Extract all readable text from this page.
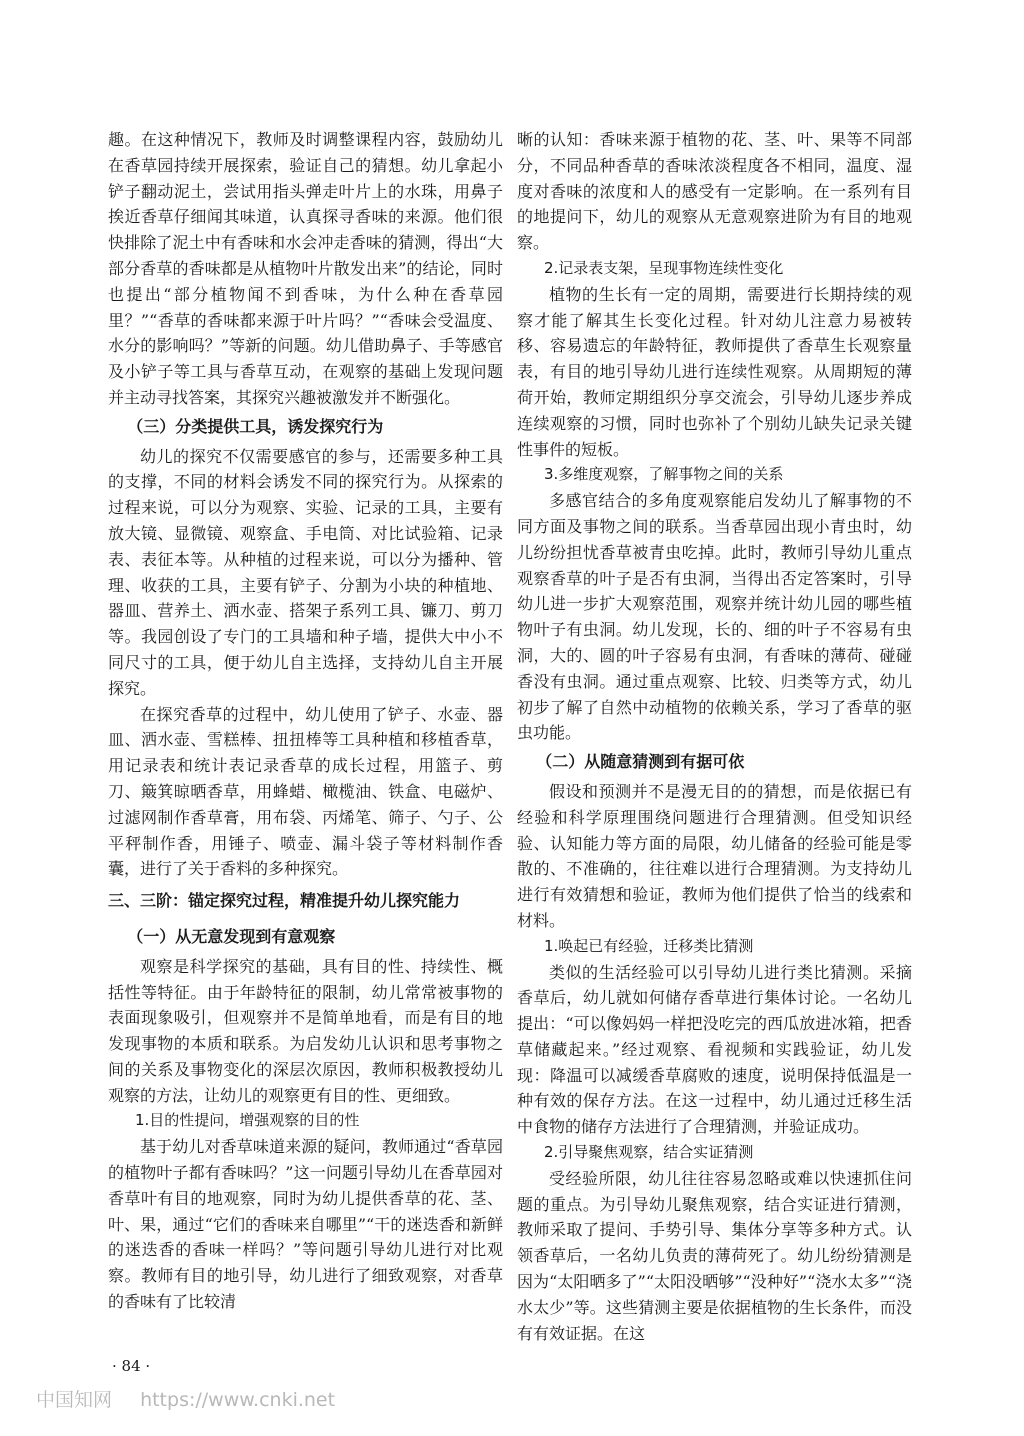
趣。在这种情况下，教师及时调整课程内容，鼓励幼儿在香草园持续开展探索，验证自己的猜想。幼儿拿起小铲子翻动泥土，尝试用指头弹走叶片上的水珠，用鼻子挨近香草仔细闻其味道，认真探寻香味的来源。他们很快排除了泥土中有香味和水会冲走香味的猜测，得出“大部分香草的香味都是从植物叶片散发出来”的结论，同时也提出“部分植物闻不到香味，为什么种在香草园里？”“香草的香味都来源于叶片吗？”“香味会受温度、水分的影响吗？”等新的问题。幼儿借助鼻子、手等感官及小铲子等工具与香草互动，在观察的基础上发现问题并主动寻找答案，其探究兴趣被激发并不断强化。

（三）分类提供工具，诱发探究行为

幼儿的探究不仅需要感官的参与，还需要多种工具的支撑，不同的材料会诱发不同的探究行为。从探索的过程来说，可以分为观察、实验、记录的工具，主要有放大镜、显微镜、观察盒、手电筒、对比试验箱、记录表、表征本等。从种植的过程来说，可以分为播种、管理、收获的工具，主要有铲子、分割为小块的种植地、器皿、营养土、洒水壶、搭架子系列工具、镰刀、剪刀等。我园创设了专门的工具墙和种子墙，提供大中小不同尺寸的工具，便于幼儿自主选择，支持幼儿自主开展探究。

在探究香草的过程中，幼儿使用了铲子、水壶、器皿、洒水壶、雪糕棒、扭扭棒等工具种植和移植香草，用记录表和统计表记录香草的成长过程，用篮子、剪刀、簸箕晾晒香草，用蜂蜡、橄榄油、铁盒、电磁炉、过滤网制作香草膏，用布袋、丙烯笔、筛子、勺子、公平秤制作香，用锤子、喷壶、漏斗袋子等材料制作香囊，进行了关于香料的多种探究。

三、三阶：锚定探究过程，精准提升幼儿探究能力
（一）从无意发现到有意观察

观察是科学探究的基础，具有目的性、持续性、概括性等特征。由于年龄特征的限制，幼儿常常被事物的表面现象吸引，但观察并不是简单地看，而是有目的地发现事物的本质和联系。为启发幼儿认识和思考事物之间的关系及事物变化的深层次原因，教师积极教授幼儿观察的方法，让幼儿的观察更有目的性、更细致。

1.目的性提问，增强观察的目的性

基于幼儿对香草味道来源的疑问，教师通过“香草园的植物叶子都有香味吗？”这一问题引导幼儿在香草园对香草叶有目的地观察，同时为幼儿提供香草的花、茎、叶、果，通过“它们的香味来自哪里”“干的迷迭香和新鲜的迷迭香的香味一样吗？”等问题引导幼儿进行对比观察。教师有目的地引导，幼儿进行了细致观察，对香草的香味有了比较清

晰的认知：香味来源于植物的花、茎、叶、果等不同部分，不同品种香草的香味浓淡程度各不相同，温度、湿度对香味的浓度和人的感受有一定影响。在一系列有目的地提问下，幼儿的观察从无意观察进阶为有目的地观察。

2.记录表支架，呈现事物连续性变化

植物的生长有一定的周期，需要进行长期持续的观察才能了解其生长变化过程。针对幼儿注意力易被转移、容易遗忘的年龄特征，教师提供了香草生长观察量表，有目的地引导幼儿进行连续性观察。从周期短的薄荷开始，教师定期组织分享交流会，引导幼儿逐步养成连续观察的习惯，同时也弥补了个别幼儿缺失记录关键性事件的短板。

3.多维度观察，了解事物之间的关系

多感官结合的多角度观察能启发幼儿了解事物的不同方面及事物之间的联系。当香草园出现小青虫时，幼儿纷纷担忧香草被青虫吃掉。此时，教师引导幼儿重点观察香草的叶子是否有虫洞，当得出否定答案时，引导幼儿进一步扩大观察范围，观察并统计幼儿园的哪些植物叶子有虫洞。幼儿发现，长的、细的叶子不容易有虫洞，大的、圆的叶子容易有虫洞，有香味的薄荷、碰碰香没有虫洞。通过重点观察、比较、归类等方式，幼儿初步了解了自然中动植物的依赖关系，学习了香草的驱虫功能。

（二）从随意猜测到有据可依

假设和预测并不是漫无目的的猜想，而是依据已有经验和科学原理围绕问题进行合理猜测。但受知识经验、认知能力等方面的局限，幼儿储备的经验可能是零散的、不准确的，往往难以进行合理猜测。为支持幼儿进行有效猜想和验证，教师为他们提供了恰当的线索和材料。

1.唤起已有经验，迁移类比猜测

类似的生活经验可以引导幼儿进行类比猜测。采摘香草后，幼儿就如何储存香草进行集体讨论。一名幼儿提出：“可以像妈妈一样把没吃完的西瓜放进冰箱，把香草储藏起来。”经过观察、看视频和实践验证，幼儿发现：降温可以减缓香草腐败的速度，说明保持低温是一种有效的保存方法。在这一过程中，幼儿通过迁移生活中食物的储存方法进行了合理猜测，并验证成功。

2.引导聚焦观察，结合实证猜测

受经验所限，幼儿往往容易忽略或难以快速抓住问题的重点。为引导幼儿聚焦观察，结合实证进行猜测，教师采取了提问、手势引导、集体分享等多种方式。认领香草后，一名幼儿负责的薄荷死了。幼儿纷纷猜测是因为“太阳晒多了”“太阳没晒够”“没种好”“浇水太多”“浇水太少”等。这些猜测主要是依据植物的生长条件，而没有有效证据。在这

· 84 ·
中国知网 https://www.cnki.net
